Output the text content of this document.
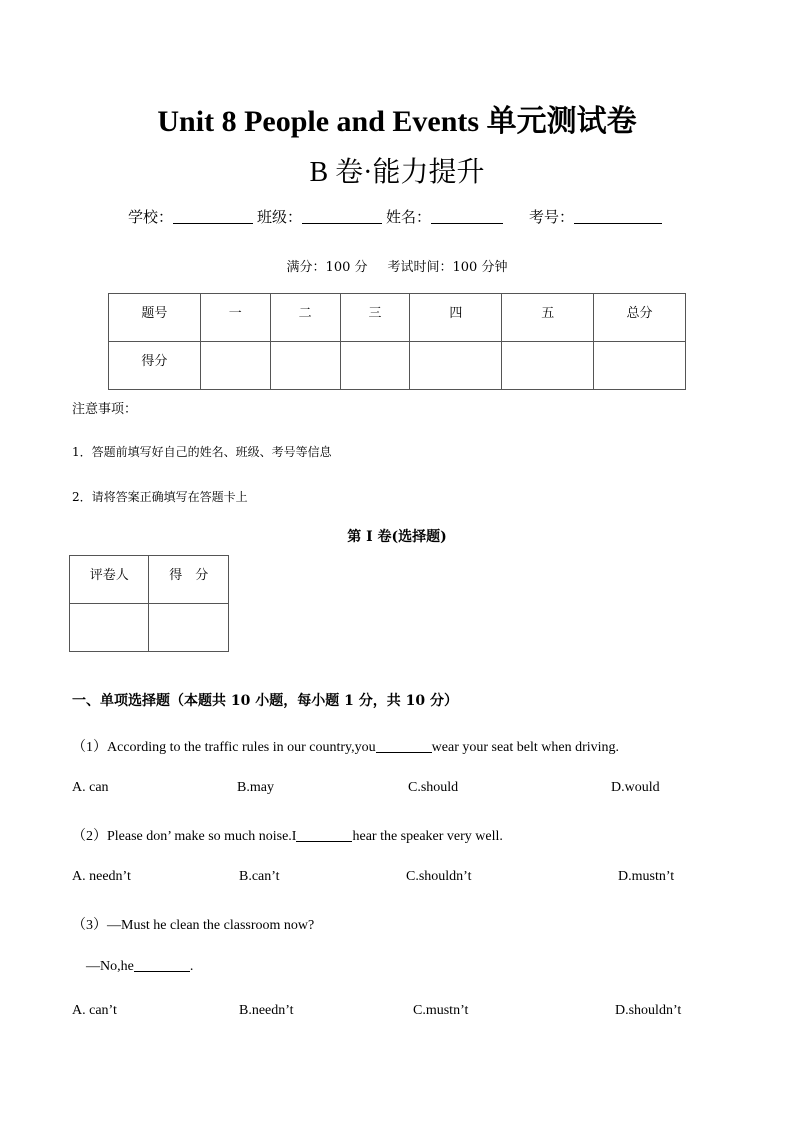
Unit 8 People and Events 单元测试卷
B 卷·能力提升
学校：	班级：	姓名：	考号：
满分：100 分 考试时间：100 分钟
题号	一	二	三	四	五	总分
得分						
注意事项：
1．答题前填写好自己的姓名、班级、考号等信息
2．请将答案正确填写在答题卡上
第 I 卷(选择题)
评卷人	得　分

一、单项选择题（本题共 10 小题，每小题 1 分，共 10 分）
（1）According to the traffic rules in our country,you	wear your seat belt when driving.
A. can	B.may	C.should	D.would
（2）Please don’ make so much noise.I	hear the speaker very well.
A. needn’t	B.can’t	C.shouldn’t	D.mustn’t
（3）—Must he clean the classroom now?
—No,he	.
A. can’t	B.needn’t	C.mustn’t	D.shouldn’t
